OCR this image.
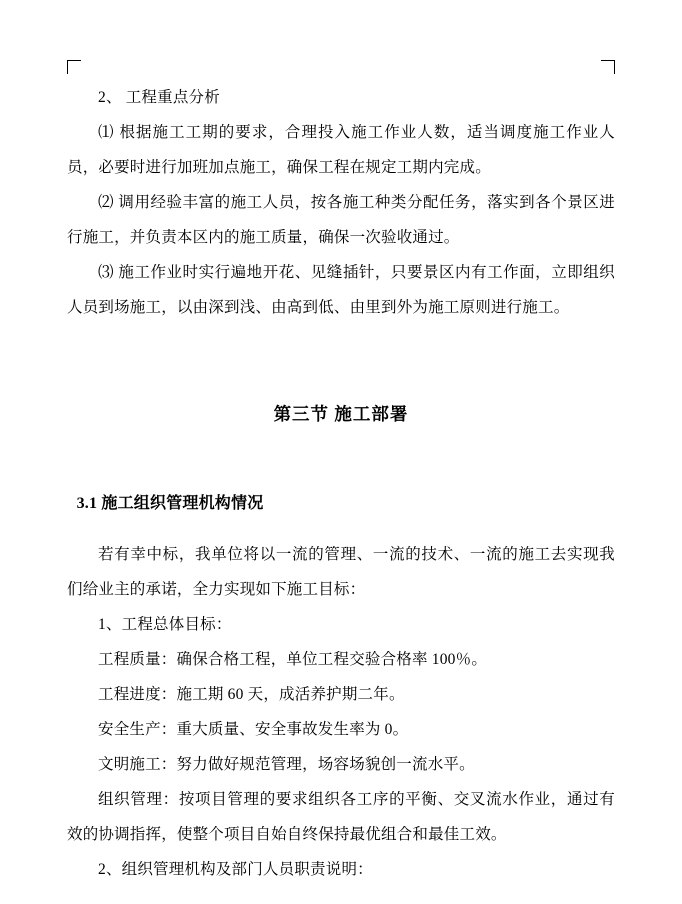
2、 工程重点分析

⑴ 根据施工工期的要求，合理投入施工作业人数，适当调度施工作业人员，必要时进行加班加点施工，确保工程在规定工期内完成。

⑵ 调用经验丰富的施工人员，按各施工种类分配任务，落实到各个景区进行施工，并负责本区内的施工质量，确保一次验收通过。

⑶ 施工作业时实行遍地开花、见缝插针，只要景区内有工作面，立即组织人员到场施工，以由深到浅、由高到低、由里到外为施工原则进行施工。

第三节 施工部署

3.1 施工组织管理机构情况

若有幸中标，我单位将以一流的管理、一流的技术、一流的施工去实现我们给业主的承诺，全力实现如下施工目标：

1、工程总体目标：

工程质量：确保合格工程，单位工程交验合格率 100％。

工程进度：施工期 60 天，成活养护期二年。

安全生产：重大质量、安全事故发生率为 0。

文明施工：努力做好规范管理，场容场貌创一流水平。

组织管理：按项目管理的要求组织各工序的平衡、交叉流水作业，通过有效的协调指挥，使整个项目自始自终保持最优组合和最佳工效。

2、组织管理机构及部门人员职责说明：
